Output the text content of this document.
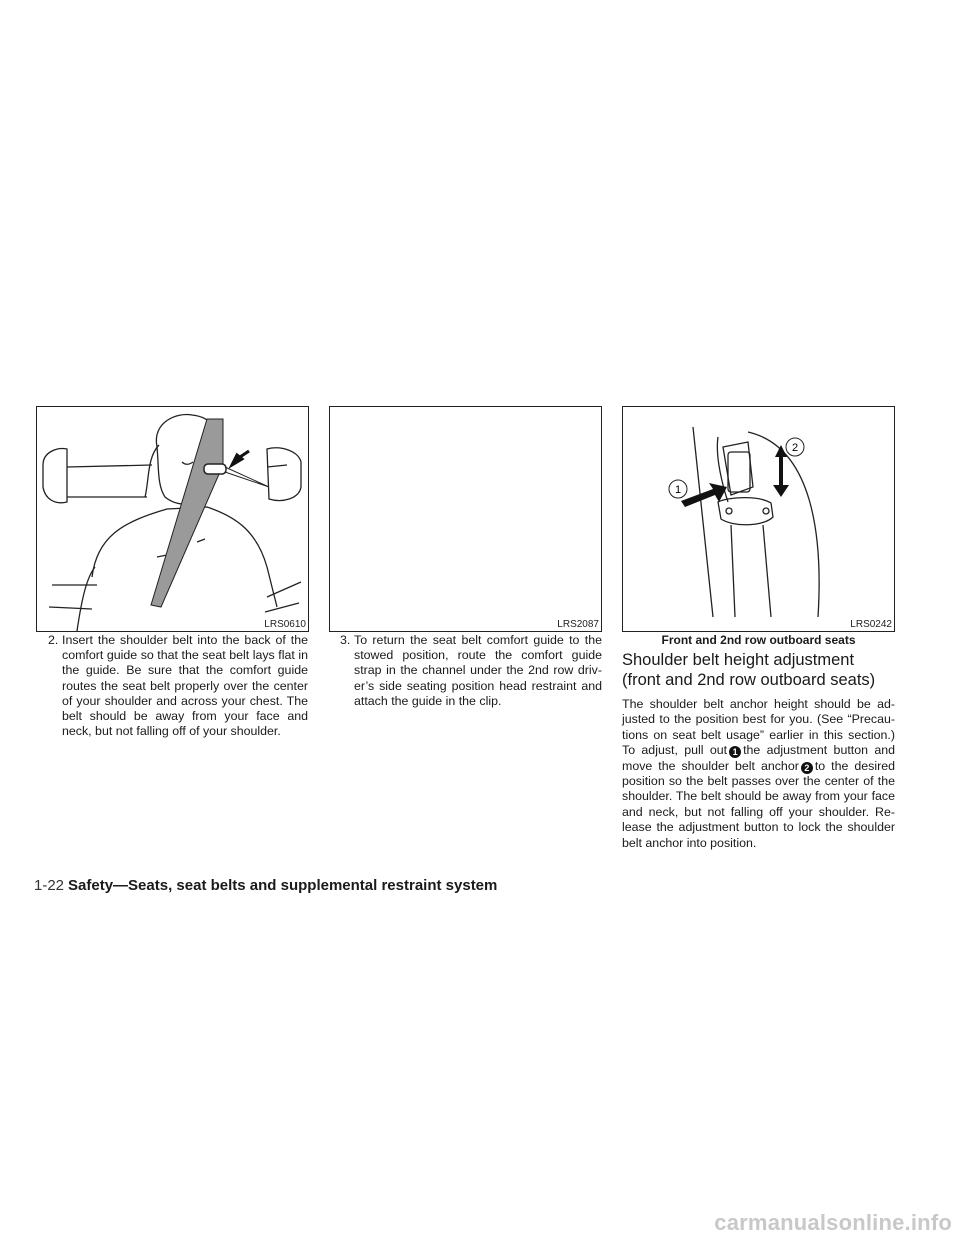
LRS0610	LRS2087
1
2
LRS0242
2. Insert the shoulder belt into the back of the comfort guide so that the seat belt lays flat in the guide. Be sure that the comfort guide routes the seat belt properly over the center of your shoulder and across your chest. The belt should be away from your face and neck, but not falling off of your shoulder.
3. To return the seat belt comfort guide to the stowed position, route the comfort guide strap in the channel under the 2nd row driv-er’s side seating position head restraint and attach the guide in the clip.
Front and 2nd row outboard seats
Shoulder belt height adjustment (front and 2nd row outboard seats)
The shoulder belt anchor height should be ad-justed to the position best for you. (See “Precau-tions on seat belt usage” earlier in this section.) To adjust, pull out 1 the adjustment button and move the shoulder belt anchor 2 to the desired position so the belt passes over the center of the shoulder. The belt should be away from your face and neck, but not falling off your shoulder. Re-lease the adjustment button to lock the shoulder belt anchor into position.
1-22 Safety—Seats, seat belts and supplemental restraint system
carmanualsonline.info
